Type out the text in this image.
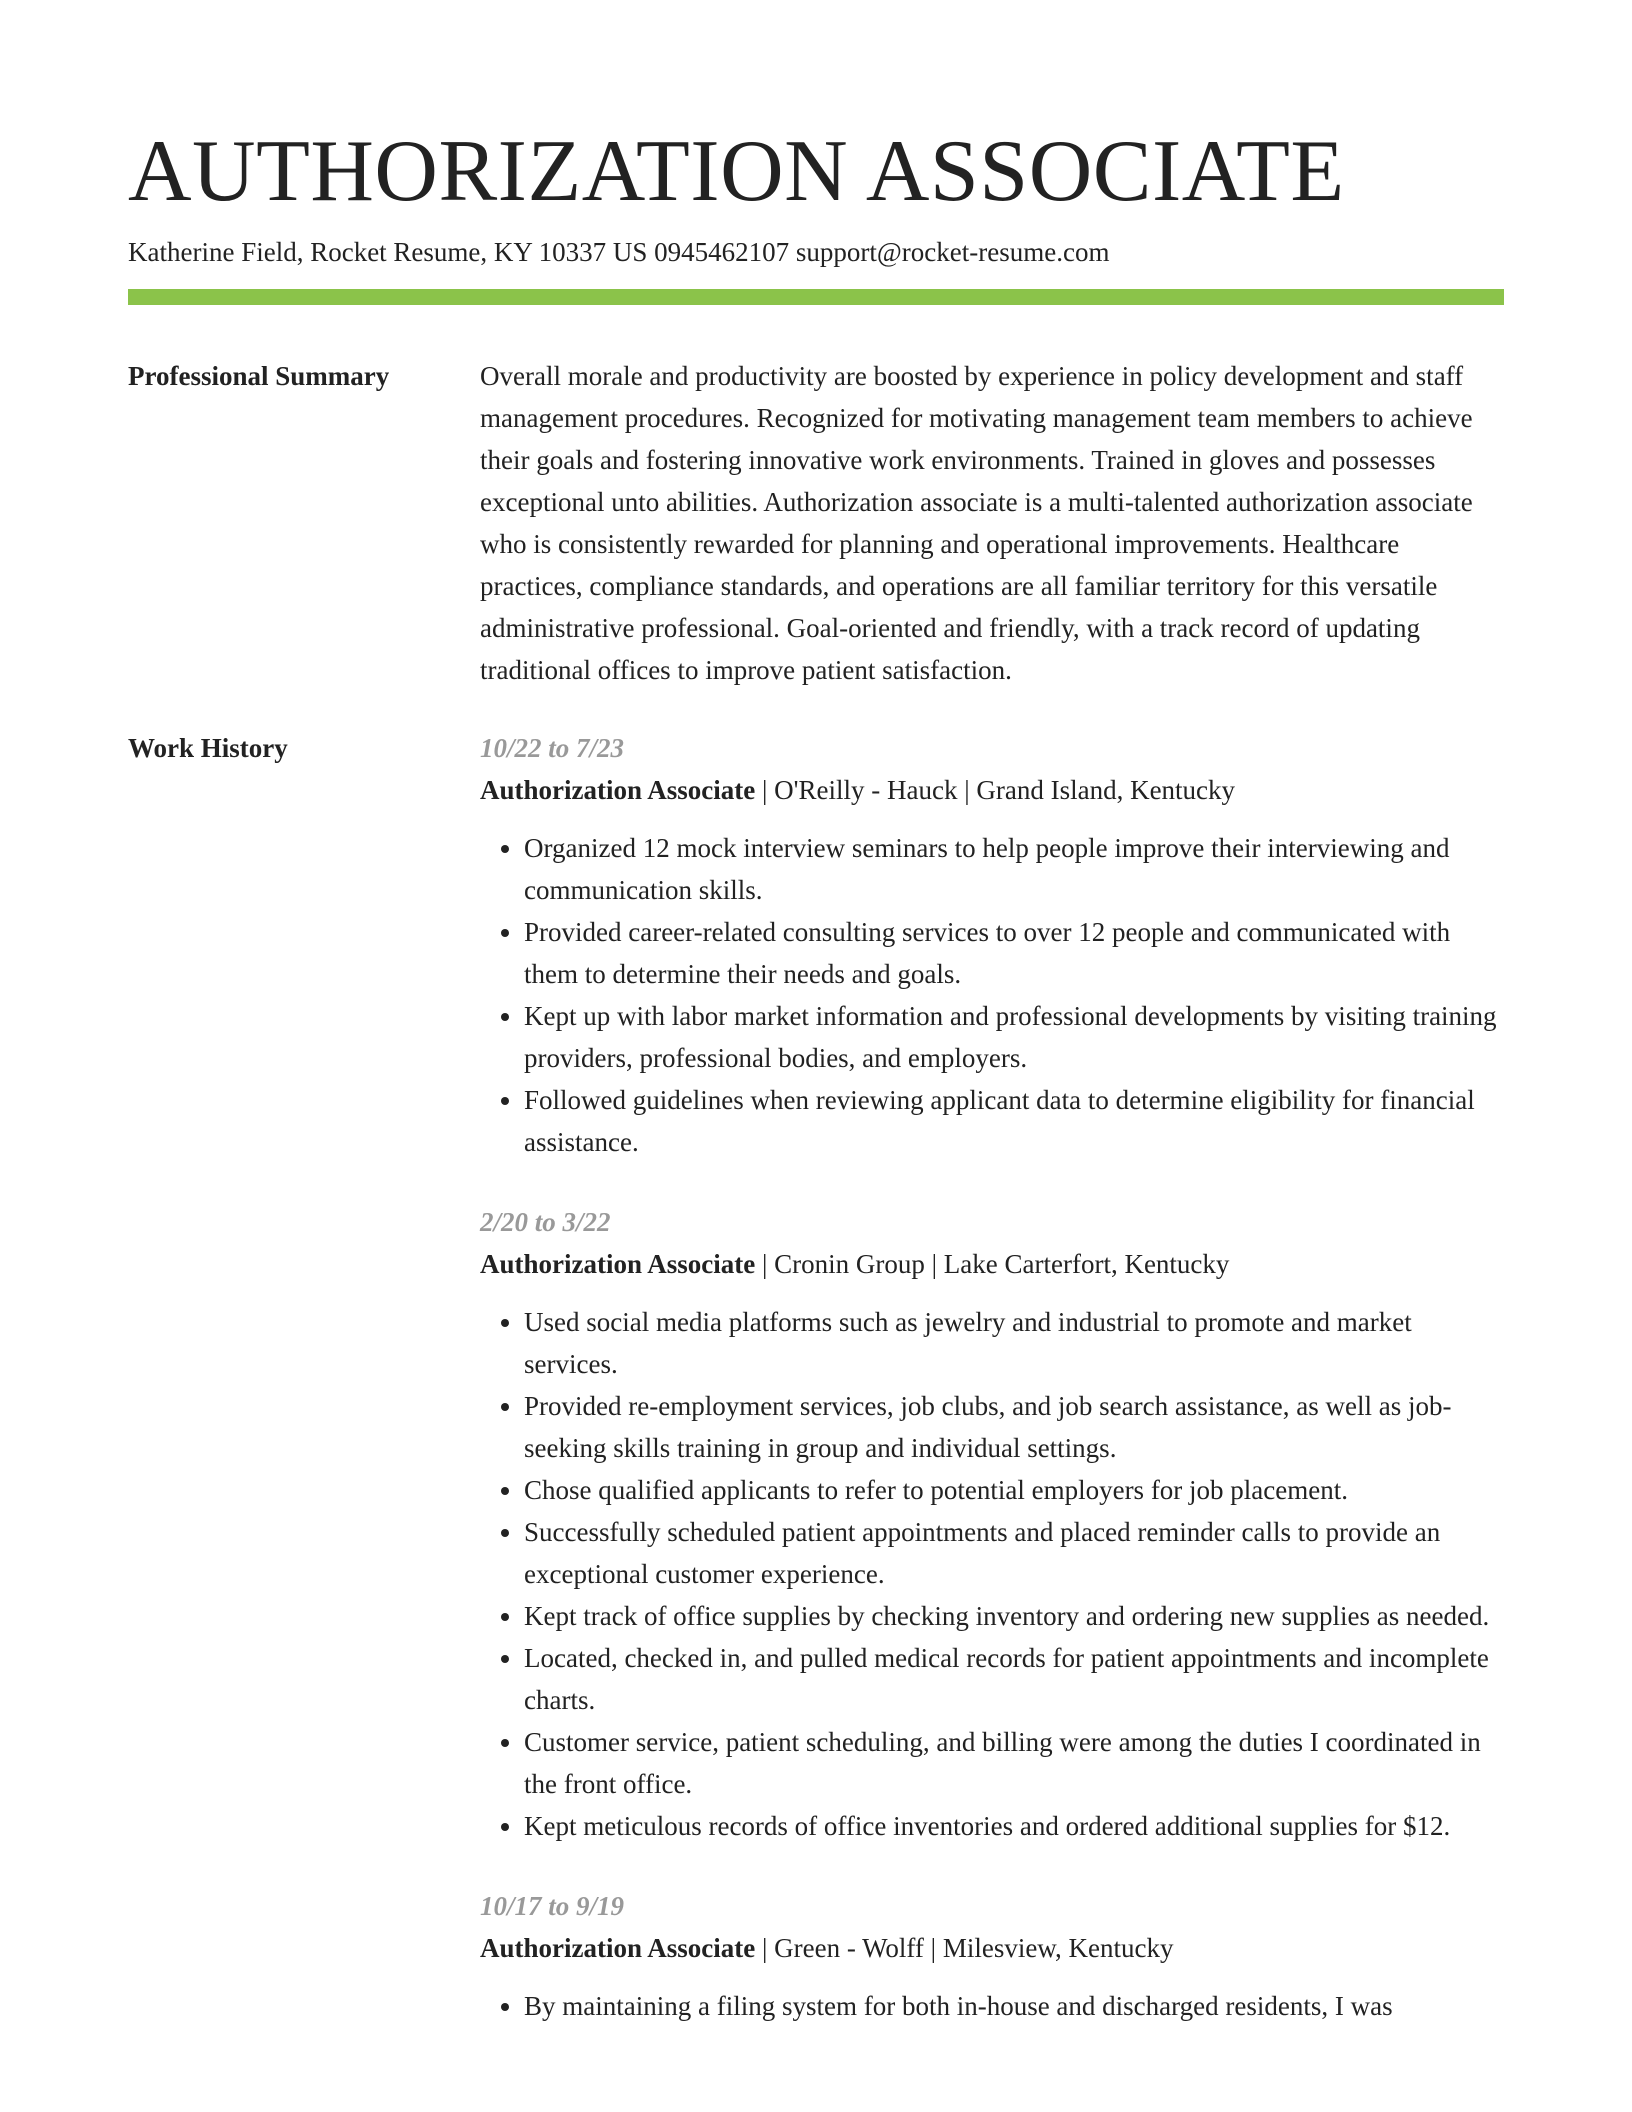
AUTHORIZATION ASSOCIATE
Katherine Field, Rocket Resume, KY 10337 US 0945462107 support@rocket-resume.com
Professional Summary	Overall morale and productivity are boosted by experience in policy development and staff management procedures. Recognized for motivating management team members to achieve their goals and fostering innovative work environments. Trained in gloves and possesses exceptional unto abilities. Authorization associate is a multi-talented authorization associate who is consistently rewarded for planning and operational improvements. Healthcare practices, compliance standards, and operations are all familiar territory for this versatile administrative professional. Goal-oriented and friendly, with a track record of updating traditional offices to improve patient satisfaction.
Work History	10/22 to 7/23
Authorization Associate | O'Reilly - Hauck | Grand Island, Kentucky
• Organized 12 mock interview seminars to help people improve their interviewing and communication skills.
• Provided career-related consulting services to over 12 people and communicated with them to determine their needs and goals.
• Kept up with labor market information and professional developments by visiting training providers, professional bodies, and employers.
• Followed guidelines when reviewing applicant data to determine eligibility for financial assistance.
2/20 to 3/22
Authorization Associate | Cronin Group | Lake Carterfort, Kentucky
• Used social media platforms such as jewelry and industrial to promote and market services.
• Provided re-employment services, job clubs, and job search assistance, as well as job-seeking skills training in group and individual settings.
• Chose qualified applicants to refer to potential employers for job placement.
• Successfully scheduled patient appointments and placed reminder calls to provide an exceptional customer experience.
• Kept track of office supplies by checking inventory and ordering new supplies as needed.
• Located, checked in, and pulled medical records for patient appointments and incomplete charts.
• Customer service, patient scheduling, and billing were among the duties I coordinated in the front office.
• Kept meticulous records of office inventories and ordered additional supplies for $12.
10/17 to 9/19
Authorization Associate | Green - Wolff | Milesview, Kentucky
• By maintaining a filing system for both in-house and discharged residents, I was
